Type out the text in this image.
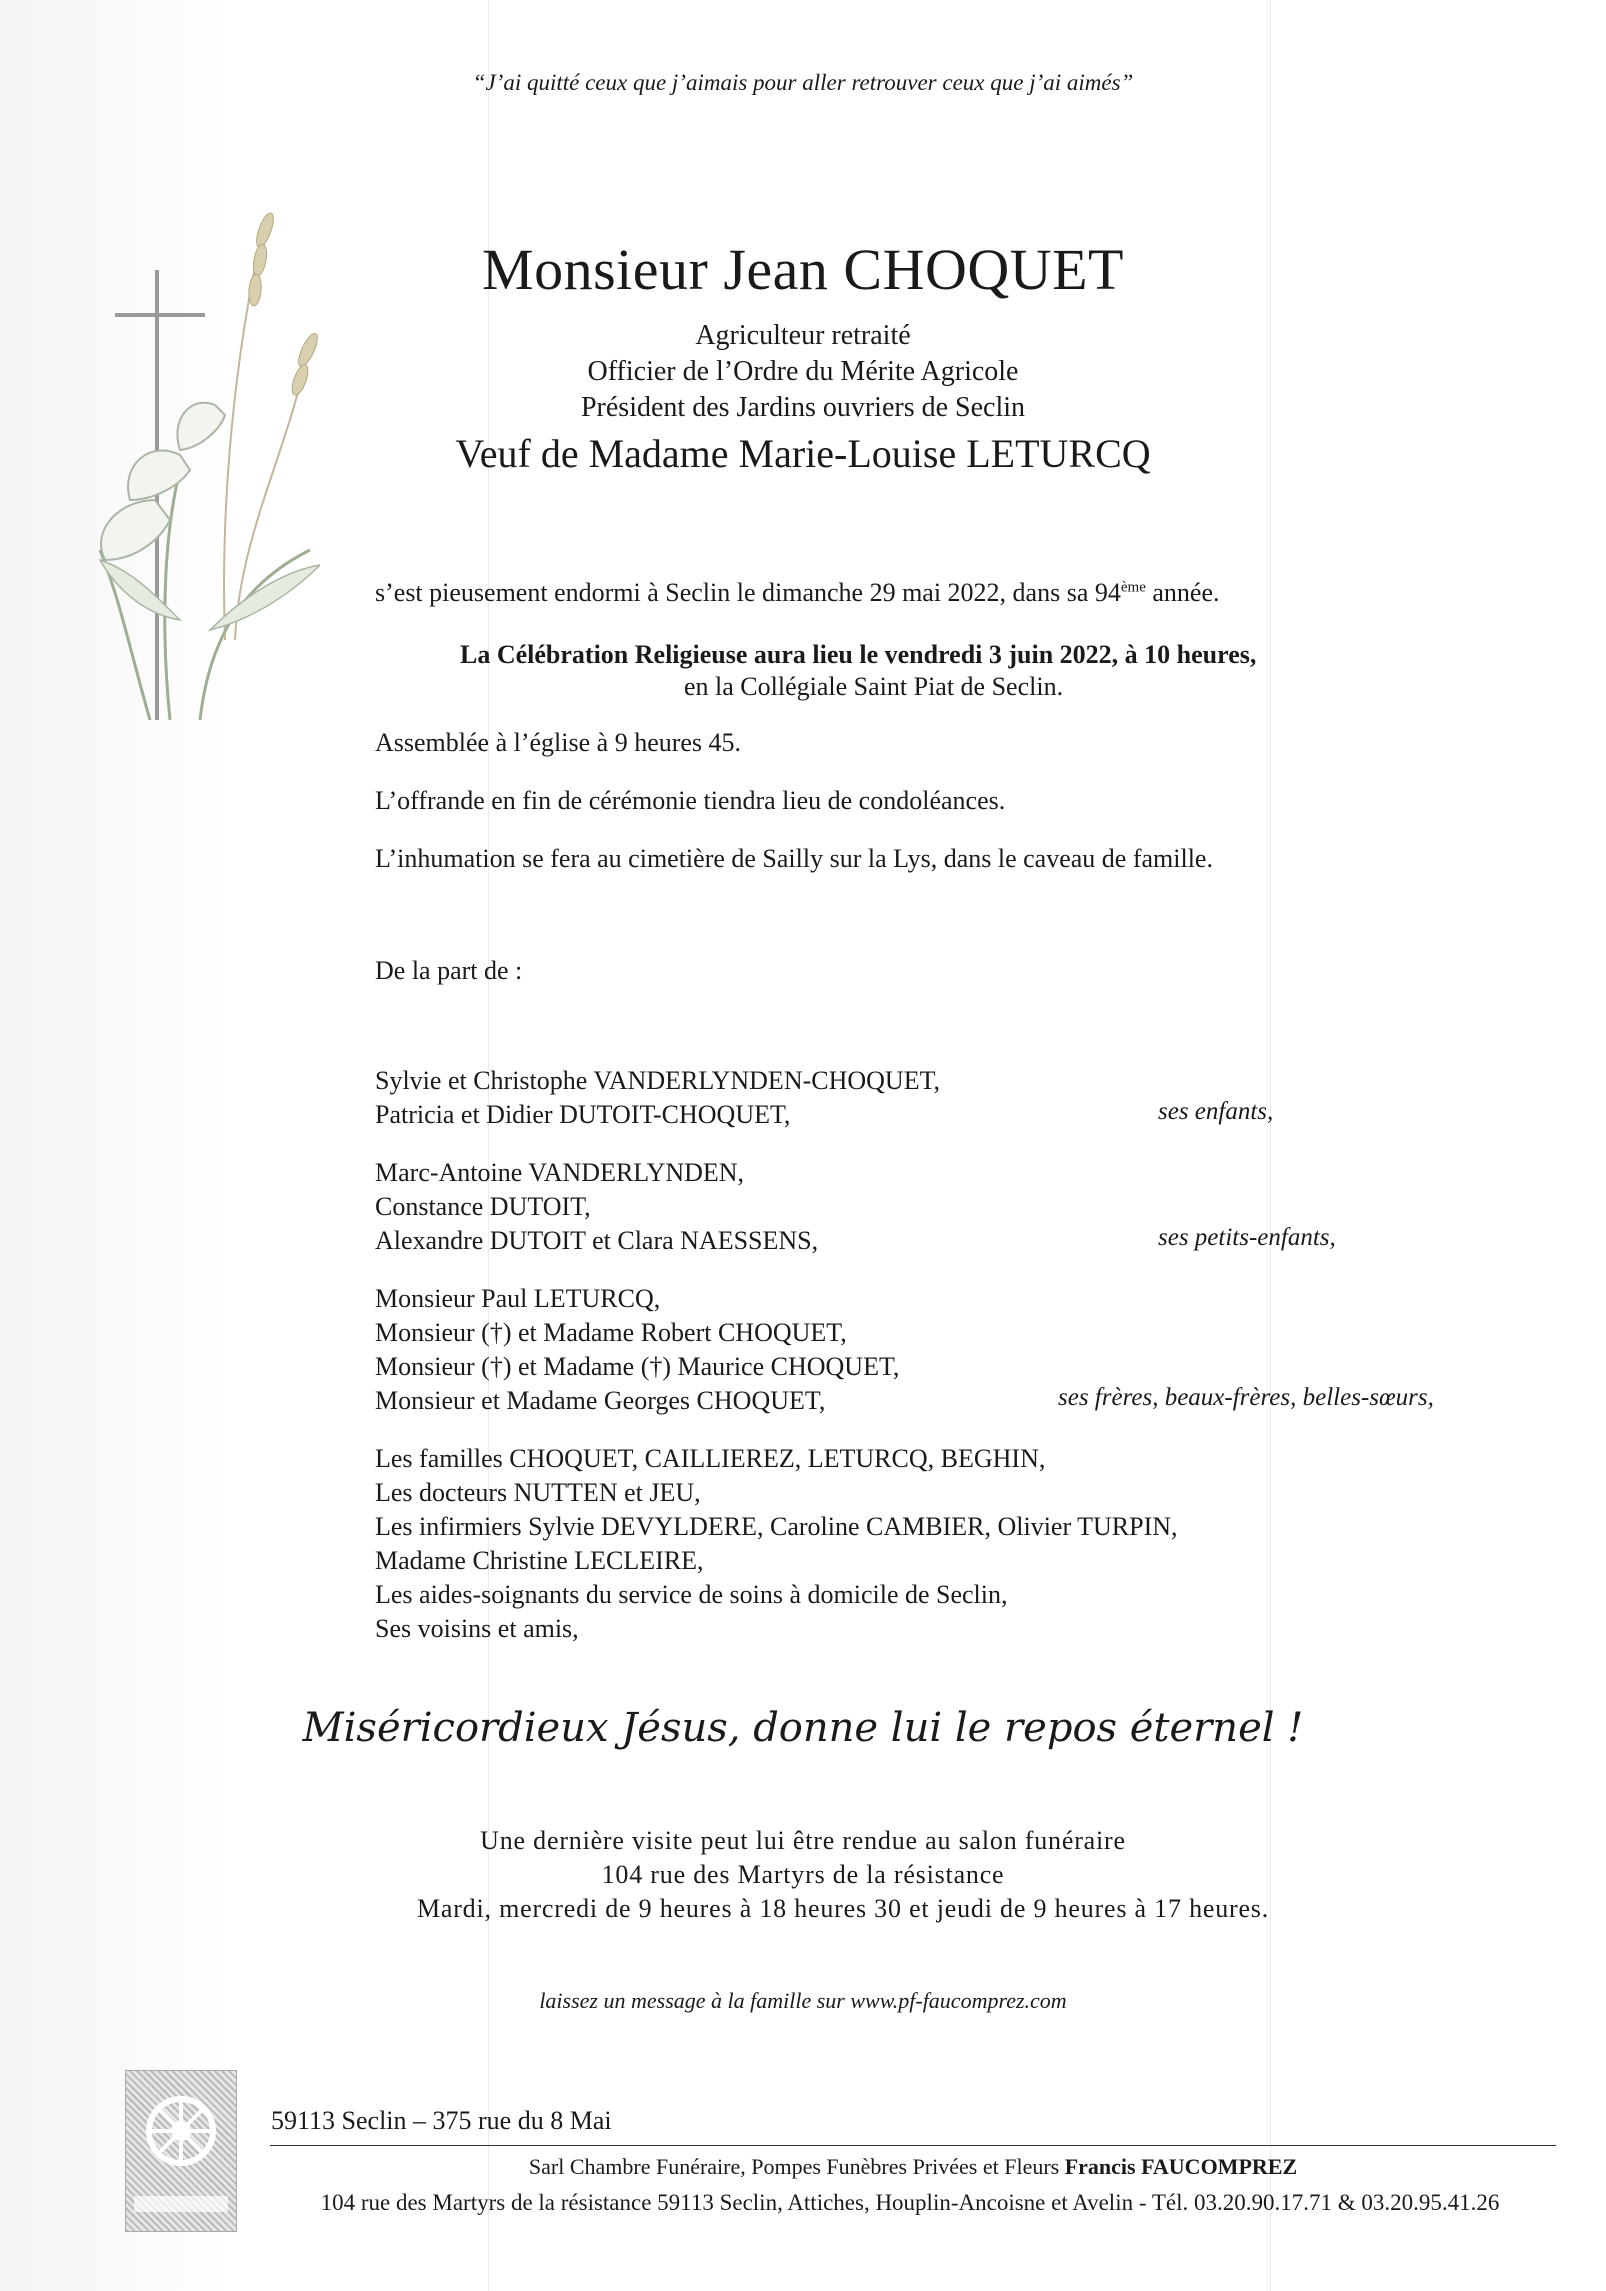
“J’ai quitté ceux que j’aimais pour aller retrouver ceux que j’ai aimés”
Monsieur Jean CHOQUET
Agriculteur retraité
Officier de l’Ordre du Mérite Agricole
Président des Jardins ouvriers de Seclin
Veuf de Madame Marie-Louise LETURCQ
s’est pieusement endormi à Seclin le dimanche 29 mai 2022, dans sa 94ème année.
La Célébration Religieuse aura lieu le vendredi 3 juin 2022, à 10 heures,
en la Collégiale Saint Piat de Seclin.
Assemblée à l’église à 9 heures 45.
L’offrande en fin de cérémonie tiendra lieu de condoléances.
L’inhumation se fera au cimetière de Sailly sur la Lys, dans le caveau de famille.
De la part de :
Sylvie et Christophe VANDERLYNDEN-CHOQUET,
Patricia et Didier DUTOIT-CHOQUET,	ses enfants,
Marc-Antoine VANDERLYNDEN,
Constance DUTOIT,
Alexandre DUTOIT et Clara NAESSENS,	ses petits-enfants,
Monsieur Paul LETURCQ,
Monsieur (†) et Madame Robert CHOQUET,
Monsieur (†) et Madame (†) Maurice CHOQUET,
Monsieur et Madame Georges CHOQUET,	ses frères, beaux-frères, belles-sœurs,
Les familles CHOQUET, CAILLIEREZ, LETURCQ, BEGHIN,
Les docteurs NUTTEN et JEU,
Les infirmiers Sylvie DEVYLDERE, Caroline CAMBIER, Olivier TURPIN,
Madame Christine LECLEIRE,
Les aides-soignants du service de soins à domicile de Seclin,
Ses voisins et amis,
Miséricordieux Jésus, donne lui le repos éternel !
Une dernière visite peut lui être rendue au salon funéraire
104 rue des Martyrs de la résistance
Mardi, mercredi de 9 heures à 18 heures 30 et jeudi de 9 heures à 17 heures.
laissez un message à la famille sur www.pf-faucomprez.com
59113 Seclin – 375 rue du 8 Mai
Sarl Chambre Funéraire, Pompes Funèbres Privées et Fleurs Francis FAUCOMPREZ
104 rue des Martyrs de la résistance 59113 Seclin, Attiches, Houplin-Ancoisne et Avelin - Tél. 03.20.90.17.71 & 03.20.95.41.26
